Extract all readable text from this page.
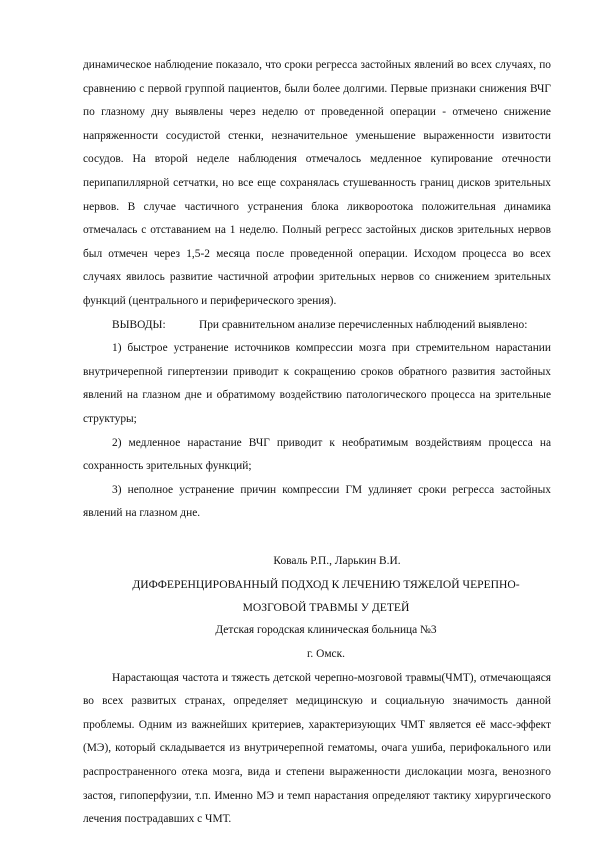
динамическое наблюдение показало, что сроки регресса застойных явлений во всех случаях, по сравнению с первой группой пациентов, были более долгими. Первые признаки снижения ВЧГ по глазному дну выявлены через неделю от проведенной операции - отмечено снижение напряженности сосудистой стенки, незначительное уменьшение выраженности извитости сосудов. На второй неделе наблюдения отмечалось медленное купирование отечности перипапиллярной сетчатки, но все еще сохранялась стушеванность границ дисков зрительных нервов. В случае частичного устранения блока ликвороотока положительная динамика отмечалась с отставанием на 1 неделю. Полный регресс застойных дисков зрительных нервов был отмечен через 1,5-2 месяца после проведенной операции. Исходом процесса во всех случаях явилось развитие частичной атрофии зрительных нервов со снижением зрительных функций (центрального и периферического зрения).

ВЫВОДЫ:	При сравнительном анализе перечисленных наблюдений выявлено:

1) быстрое устранение источников компрессии мозга при стремительном нарастании внутричерепной гипертензии приводит к сокращению сроков обратного развития застойных явлений на глазном дне и обратимому воздействию патологического процесса на зрительные структуры;

2) медленное нарастание ВЧГ приводит к необратимым воздействиям процесса на сохранность зрительных функций;

3) неполное устранение причин компрессии ГМ удлиняет сроки регресса застойных явлений на глазном дне.

Коваль Р.П., Ларькин В.И.

ДИФФЕРЕНЦИРОВАННЫЙ ПОДХОД К ЛЕЧЕНИЮ ТЯЖЕЛОЙ ЧЕРЕПНО-

МОЗГОВОЙ ТРАВМЫ У ДЕТЕЙ

Детская городская клиническая больница №3

г. Омск.

Нарастающая частота и тяжесть детской черепно-мозговой травмы(ЧМТ), отмечающаяся во всех развитых странах, определяет медицинскую и социальную значимость данной проблемы. Одним из важнейших критериев, характеризующих ЧМТ является её масс-эффект (МЭ), который складывается из внутричерепной гематомы, очага ушиба, перифокального или распространенного отека мозга, вида и степени выраженности дислокации мозга, венозного застоя, гипоперфузии, т.п. Именно МЭ и темп нарастания определяют тактику хирургического лечения пострадавших с ЧМТ.
